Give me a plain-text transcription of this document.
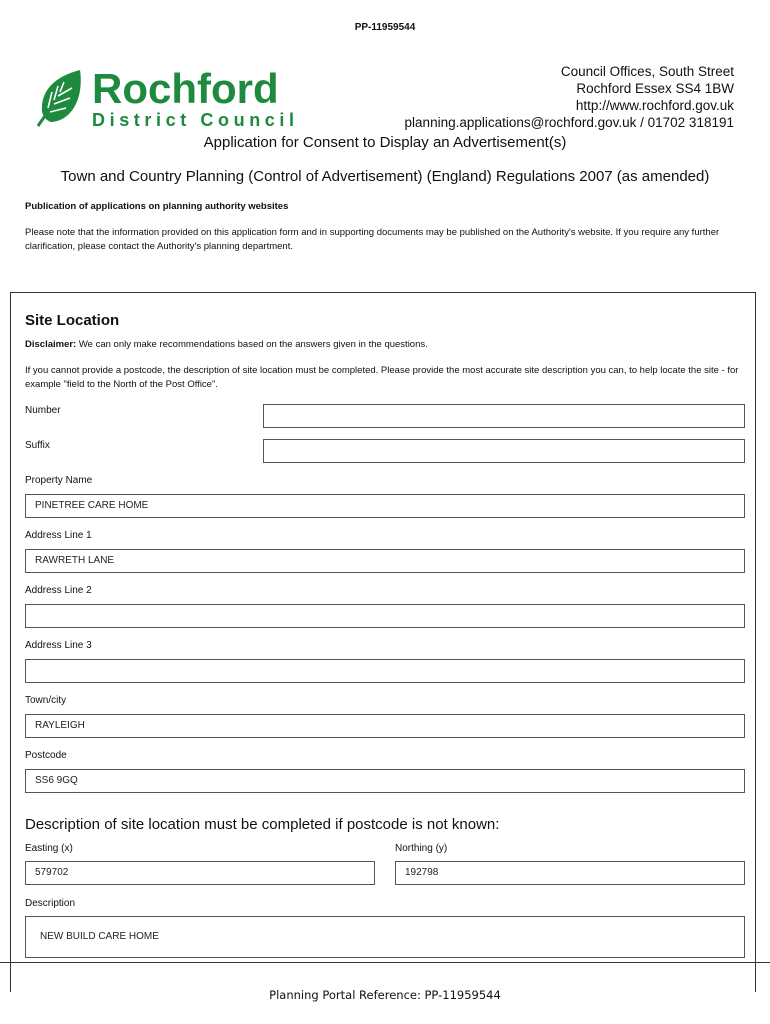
PP-11959544
Rochford
District Council
Council Offices, South Street
Rochford Essex SS4 1BW
http://www.rochford.gov.uk
planning.applications@rochford.gov.uk / 01702 318191
Application for Consent to Display an Advertisement(s)
Town and Country Planning (Control of Advertisement) (England) Regulations 2007 (as amended)
Publication of applications on planning authority websites
Please note that the information provided on this application form and in supporting documents may be published on the Authority's website. If you require any further clarification, please contact the Authority's planning department.
Site Location
Disclaimer: We can only make recommendations based on the answers given in the questions.
If you cannot provide a postcode, the description of site location must be completed. Please provide the most accurate site description you can, to help locate the site - for example "field to the North of the Post Office".
Number
Suffix
Property Name
PINETREE CARE HOME
Address Line 1
RAWRETH LANE
Address Line 2
Address Line 3
Town/city
RAYLEIGH
Postcode
SS6 9GQ
Description of site location must be completed if postcode is not known:
Easting (x)
579702
Northing (y)
192798
Description
NEW BUILD CARE HOME
Planning Portal Reference: PP-11959544
